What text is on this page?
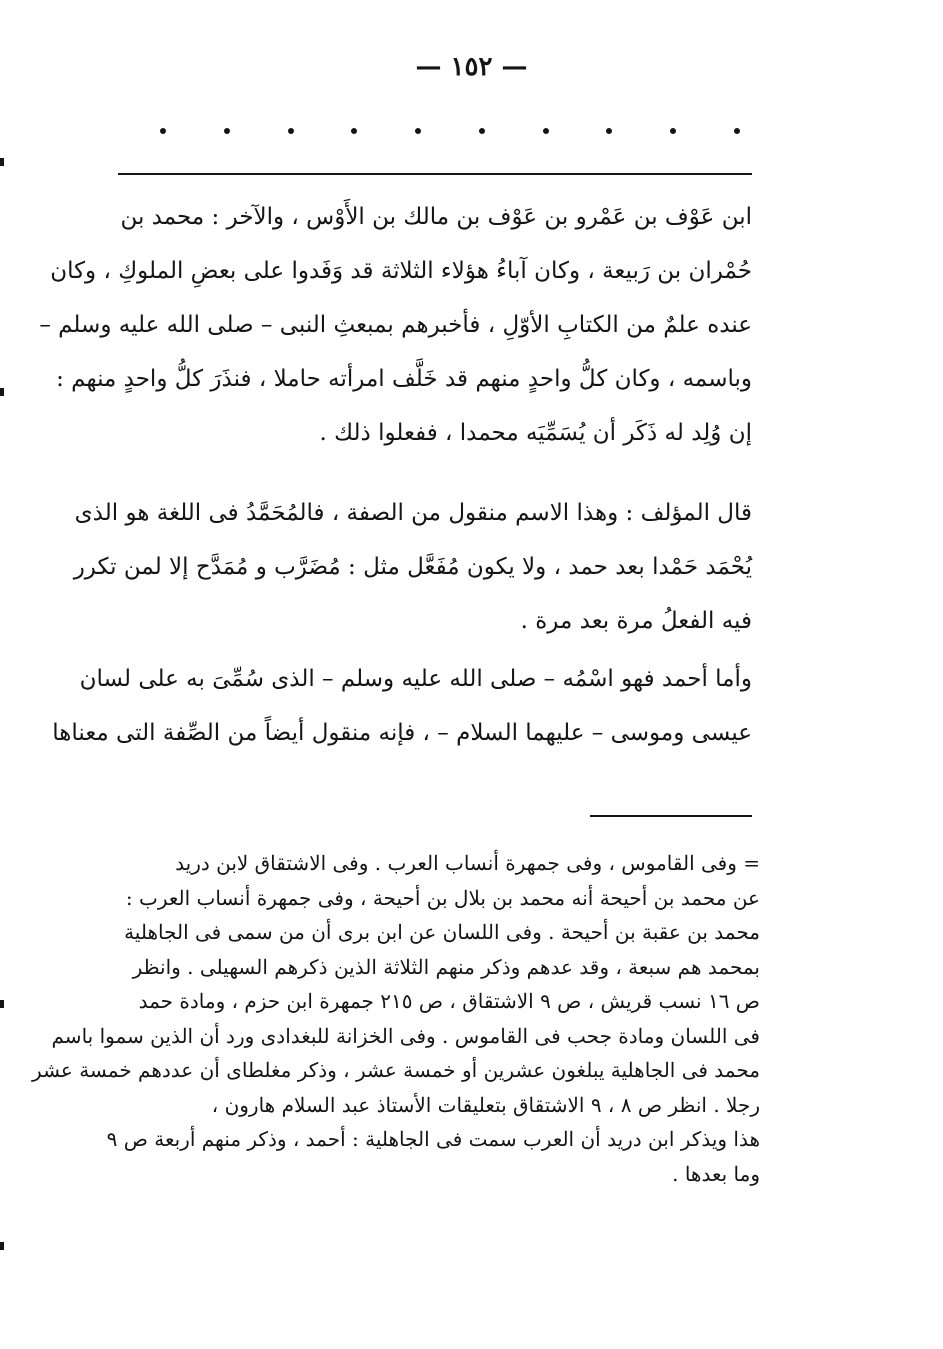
— ١٥٢ —
ابن عَوْف بن عَمْرو بن عَوْف بن مالك بن الأَوْس ، والآخر : محمد بن
حُمْران بن رَبيعة ، وكان آباءُ هؤلاء الثلاثة قد وَفَدوا على بعضِ الملوكِ ، وكان
عنده علمٌ من الكتابِ الأوّلِ ، فأخبرهم بمبعثِ النبى – صلى الله عليه وسلم –
وباسمه ، وكان كلُّ واحدٍ منهم قد خَلَّف امرأته حاملا ، فنذَرَ كلُّ واحدٍ منهم :
إن وُلِد له ذَكَر أن يُسَمِّيَه محمدا ، ففعلوا ذلك .
قال المؤلف : وهذا الاسم منقول من الصفة ، فالمُحَمَّدُ فى اللغة هو الذى
يُحْمَد حَمْدا بعد حمد ، ولا يكون مُفَعَّل مثل : مُضَرَّب و مُمَدَّح إلا لمن تكرر
فيه الفعلُ مرة بعد مرة .
وأما أحمد فهو اسْمُه – صلى الله عليه وسلم – الذى سُمِّىَ به على لسان
عيسى وموسى – عليهما السلام – ، فإنه منقول أيضاً من الصِّفة التى معناها
= وفى القاموس ، وفى جمهرة أنساب العرب . وفى الاشتقاق لابن دريد
عن محمد بن أحيحة أنه محمد بن بلال بن أحيحة ، وفى جمهرة أنساب العرب :
محمد بن عقبة بن أحيحة . وفى اللسان عن ابن برى أن من سمى فى الجاهلية
بمحمد هم سبعة ، وقد عدهم وذكر منهم الثلاثة الذين ذكرهم السهيلى . وانظر
ص ١٦ نسب قريش ، ص ٩ الاشتقاق ، ص ٢١٥ جمهرة ابن حزم ، ومادة حمد
فى اللسان ومادة جحب فى القاموس . وفى الخزانة للبغدادى ورد أن الذين سموا باسم
محمد فى الجاهلية يبلغون عشرين أو خمسة عشر ، وذكر مغلطاى أن عددهم خمسة عشر
رجلا . انظر ص ٨ ، ٩ الاشتقاق بتعليقات الأستاذ عبد السلام هارون ،
هذا ويذكر ابن دريد أن العرب سمت فى الجاهلية : أحمد ، وذكر منهم أربعة ص ٩
وما بعدها .
